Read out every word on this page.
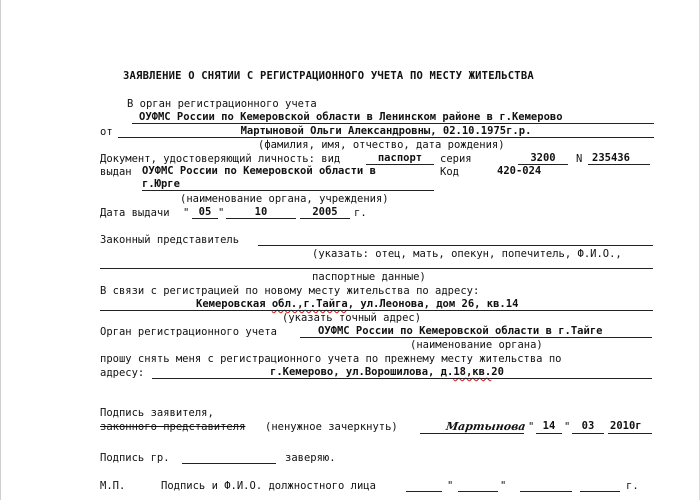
ЗАЯВЛЕНИЕ О СНЯТИИ С РЕГИСТРАЦИОННОГО УЧЕТА ПО МЕСТУ ЖИТЕЛЬСТВА
В орган регистрационного учета
ОУФМС России по Кемеровской области в Ленинском районе в г.Кемерово
от	Мартыновой Ольги Александровны, 02.10.1975г.р.
(фамилия, имя, отчество, дата рождения)
Документ, удостоверяющий личность: вид	паспорт	серия	3200	N 235436
выдан ОУФМС России по Кемеровской области в	Код	420-024
г.Юрге
(наименование органа, учреждения)
Дата выдачи " 05 "	10	2005	г.
Законный представитель
(указать: отец, мать, опекун, попечитель, Ф.И.О.,
паспортные данные)
В связи с регистрацией по новому месту жительства по адресу:
Кемеровская обл.,г.Тайга, ул.Леонова, дом 26, кв.14
(указать точный адрес)
Орган регистрационного учета	ОУФМС России по Кемеровской области в г.Тайге
(наименование органа)
прошу снять меня с регистрационного учета по прежнему месту жительства по
адресу:	г.Кемерово, ул.Ворошилова, д.18,кв.20
Подпись заявителя,
законного представителя (ненужное зачеркнуть)	Мартынова " 14 "	03	2010г
Подпись гр.	заверяю.
М.П.	Подпись и Ф.И.О. должностного лица	"	"	г.
